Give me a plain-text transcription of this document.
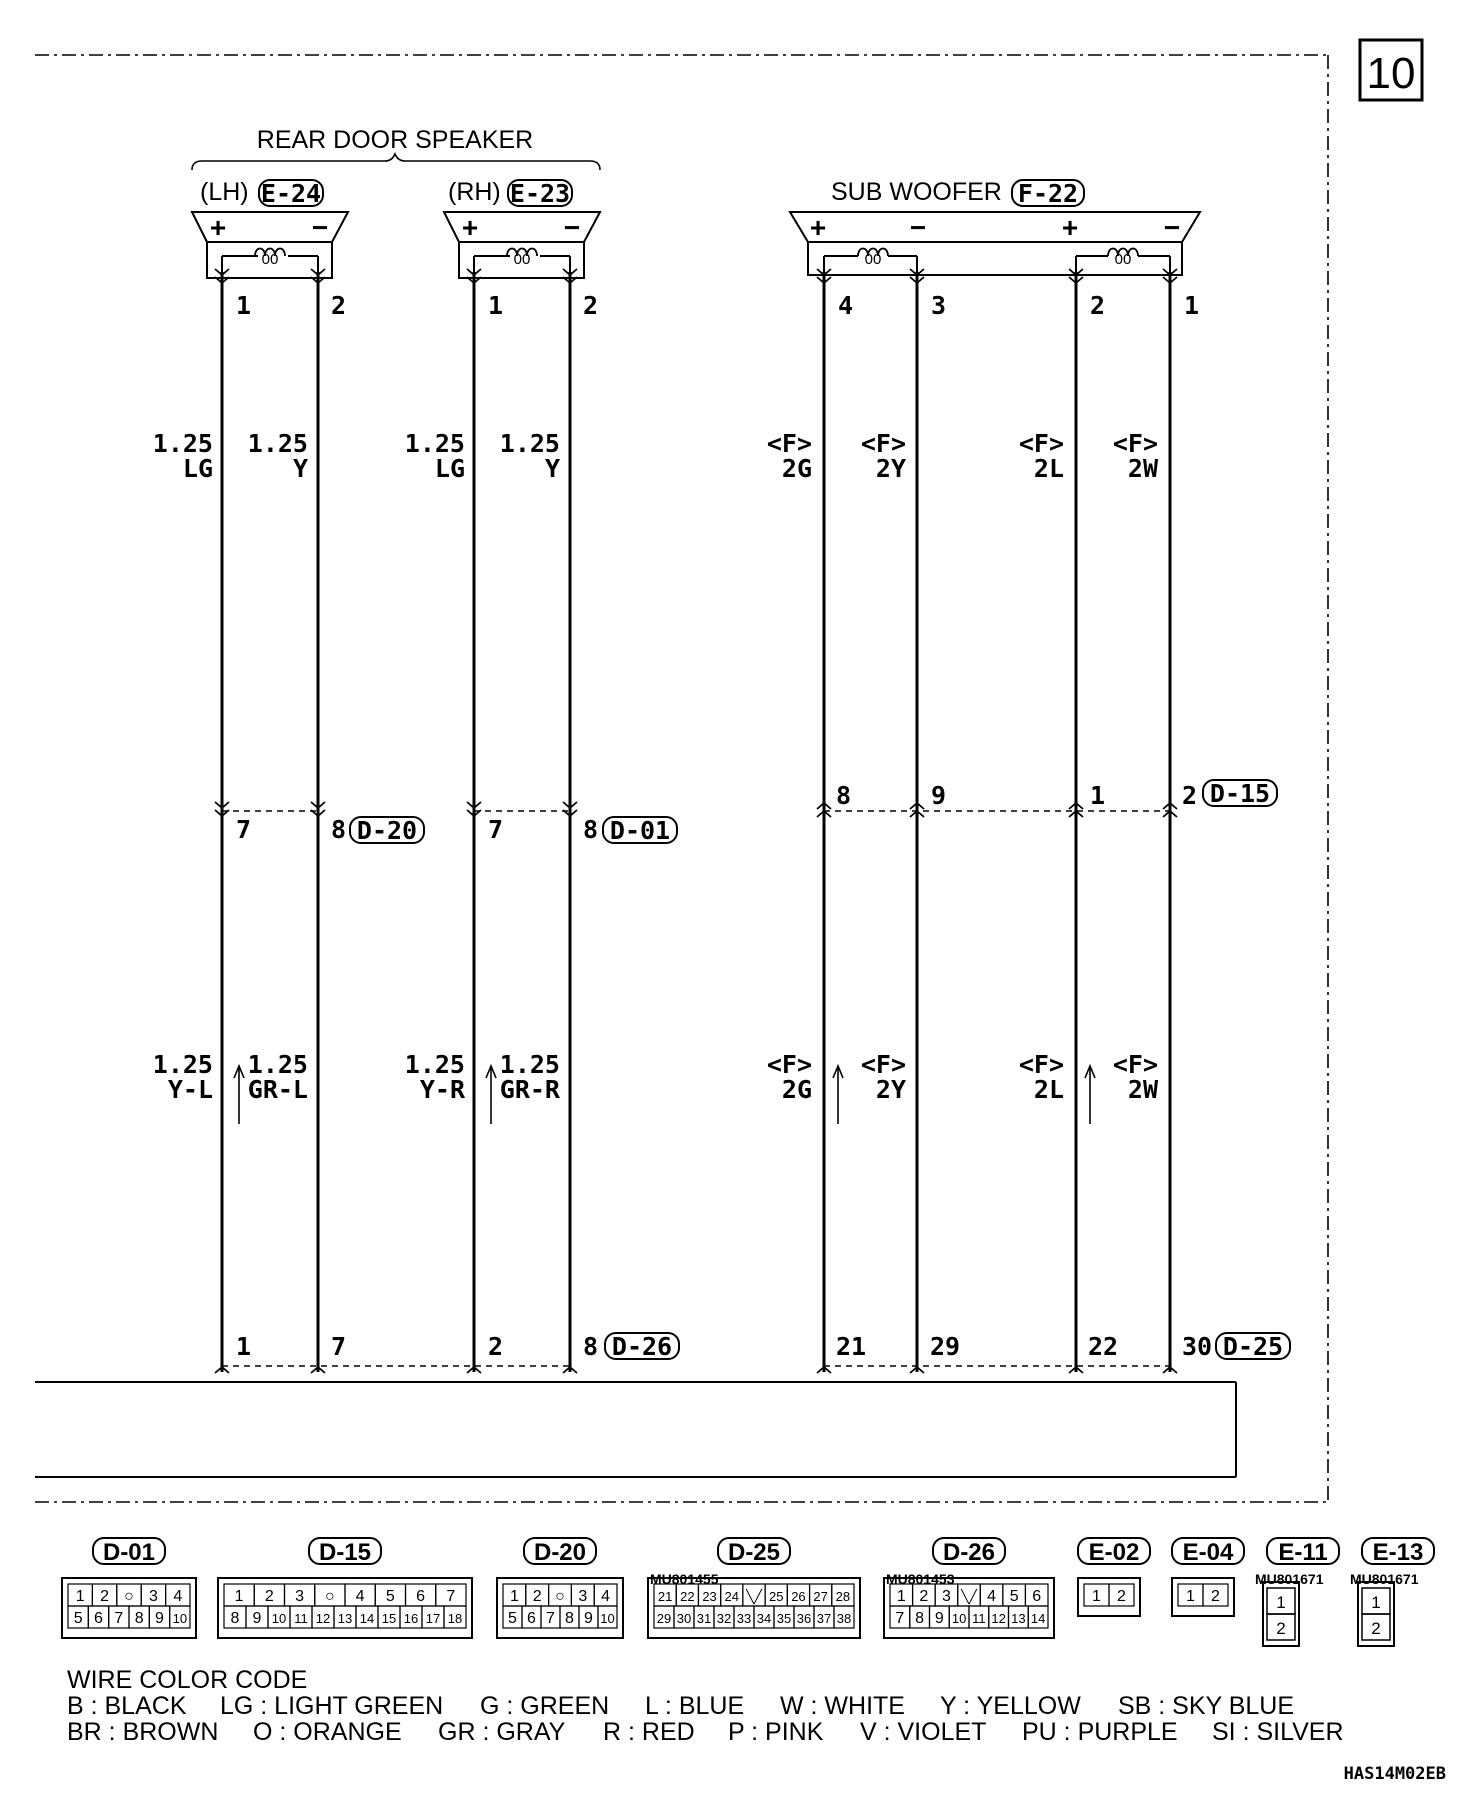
10
REAR DOOR SPEAKER
(LH) E-24	(RH) E-23	SUB WOOFER F-22
00	00	00	00
+	−	+	−	+	−	+	−
1	2	1	2	4	3	2	1
1.25
LG
1.25
Y
1.25
LG
1.25
Y
<F>
2G
<F>
2Y
<F>
2L
<F>
2W
7	8	7	8
8	9	1	2
D-20	D-01
D-15
1.25
Y-L
1.25
GR-L
1.25
Y-R
1.25
GR-R
<F>
2G
<F>
2Y
<F>
2L
<F>
2W
1	7	2	8	21	29	22	30
D-26	D-25
D-01
1 2 ○ 3 4
5 6 7 8 9 10
D-15
1 2 3 ○ 4 5 6 7
8 9 10 11 12 13 14 15 16 17 18
D-20
1 2 ○ 3 4
5 6 7 8 9 10
D-25
MU801455
21 22 23 24 ╲╱ 25 26 27 28
29 30 31 32 33 34 35 36 37 38
D-26
MU801453
1 2 3 ╲╱ 4 5 6
7 8 9 10 11 12 13 14
E-02
1 2
E-04
1 2
E-11
MU801671
1
2
E-13
MU801671
1
2
WIRE COLOR CODE
B : BLACK LG : LIGHT GREEN G : GREEN L : BLUE W : WHITE Y : YELLOW SB : SKY BLUE
BR : BROWN O : ORANGE GR : GRAY R : RED P : PINK V : VIOLET PU : PURPLE SI : SILVER
HAS14M02EB
